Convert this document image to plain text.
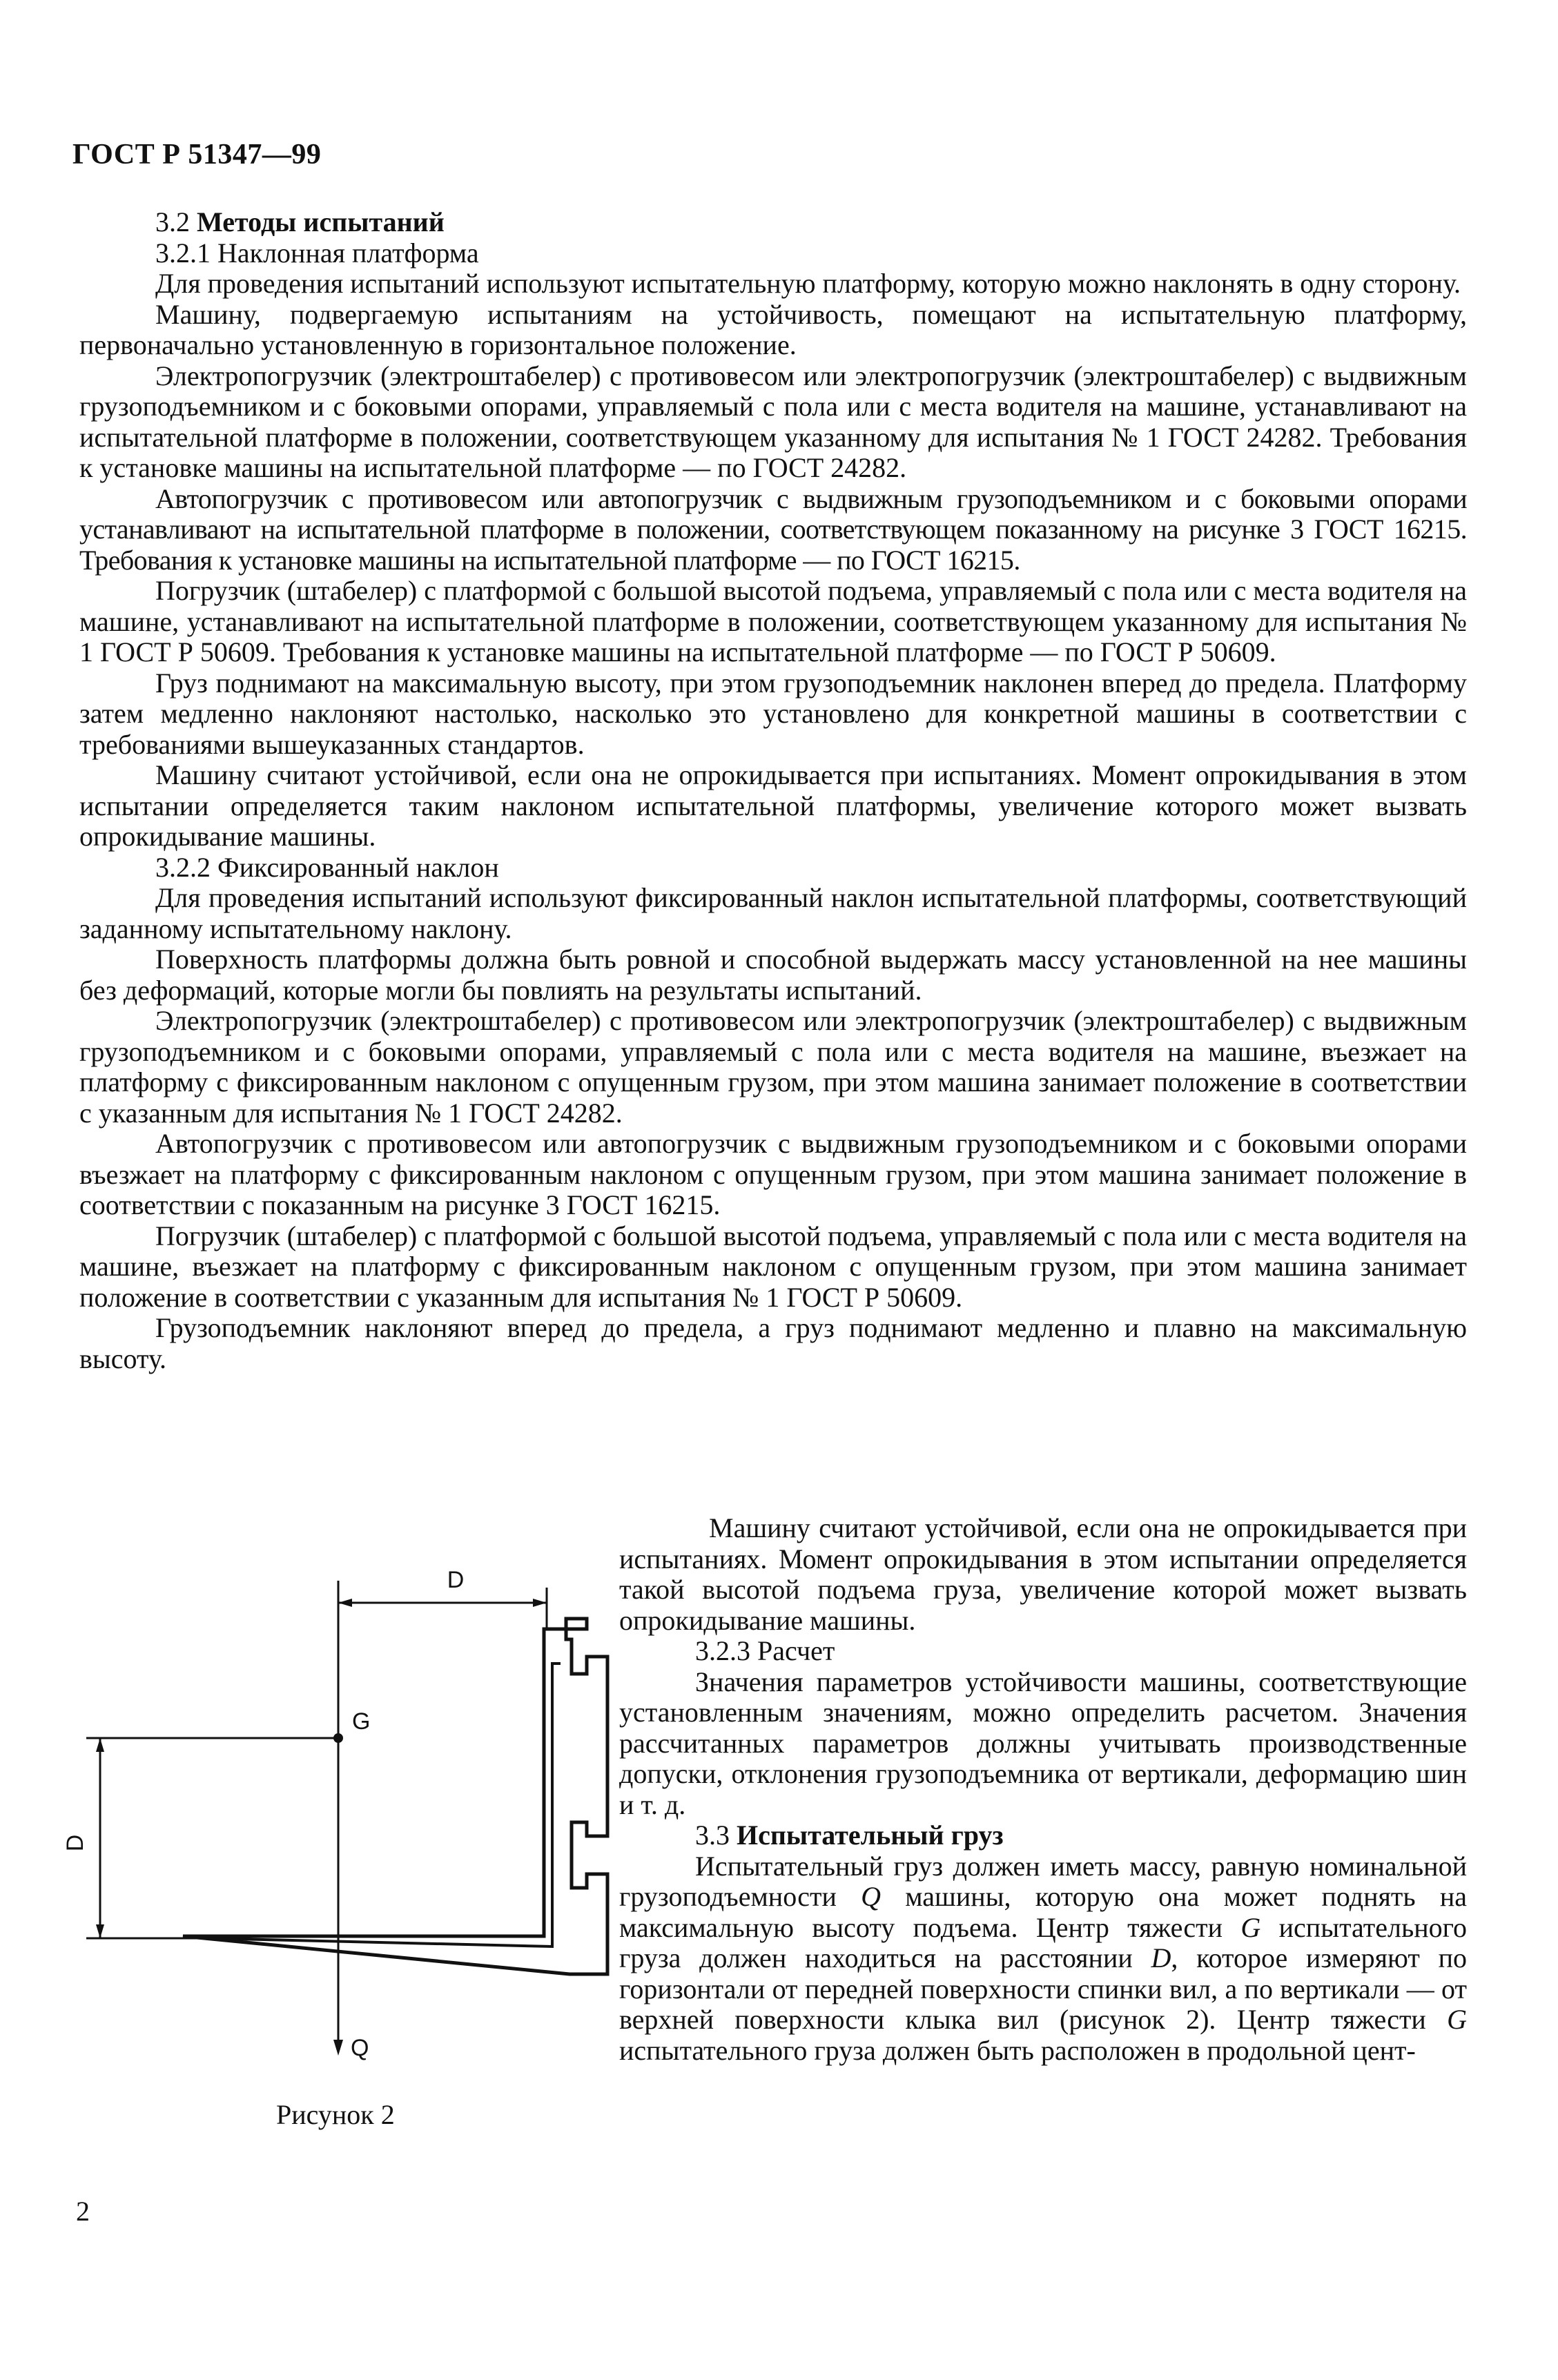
ГОСТ Р 51347—99

3.2 Методы испытаний

3.2.1 Наклонная платформа

Для проведения испытаний используют испытательную платформу, которую можно наклонять в одну сторону.

Машину, подвергаемую испытаниям на устойчивость, помещают на испытательную платформу, первоначально установленную в горизонтальное положение.

Электропогрузчик (электроштабелер) с противовесом или электропогрузчик (электроштабелер) с выдвижным грузоподъемником и с боковыми опорами, управляемый с пола или с места водителя на машине, устанавливают на испытательной платформе в положении, соответствующем указанному для испытания № 1 ГОСТ 24282. Требования к установке машины на испытательной платформе — по ГОСТ 24282.

Автопогрузчик с противовесом или автопогрузчик с выдвижным грузоподъемником и с боковыми опорами устанавливают на испытательной платформе в положении, соответствующем показанному на рисунке 3 ГОСТ 16215. Требования к установке машины на испытательной платформе — по ГОСТ 16215.

Погрузчик (штабелер) с платформой с большой высотой подъема, управляемый с пола или с места водителя на машине, устанавливают на испытательной платформе в положении, соответствующем указанному для испытания № 1 ГОСТ Р 50609. Требования к установке машины на испытательной платформе — по ГОСТ Р 50609.

Груз поднимают на максимальную высоту, при этом грузоподъемник наклонен вперед до предела. Платформу затем медленно наклоняют настолько, насколько это установлено для конкретной машины в соответствии с требованиями вышеуказанных стандартов.

Машину считают устойчивой, если она не опрокидывается при испытаниях. Момент опрокидывания в этом испытании определяется таким наклоном испытательной платформы, увеличение которого может вызвать опрокидывание машины.

3.2.2 Фиксированный наклон

Для проведения испытаний используют фиксированный наклон испытательной платформы, соответствующий заданному испытательному наклону.

Поверхность платформы должна быть ровной и способной выдержать массу установленной на нее машины без деформаций, которые могли бы повлиять на результаты испытаний.

Электропогрузчик (электроштабелер) с противовесом или электропогрузчик (электроштабелер) с выдвижным грузоподъемником и с боковыми опорами, управляемый с пола или с места водителя на машине, въезжает на платформу с фиксированным наклоном с опущенным грузом, при этом машина занимает положение в соответствии с указанным для испытания № 1 ГОСТ 24282.

Автопогрузчик с противовесом или автопогрузчик с выдвижным грузоподъемником и с боковыми опорами въезжает на платформу с фиксированным наклоном с опущенным грузом, при этом машина занимает положение в соответствии с показанным на рисунке 3 ГОСТ 16215.

Погрузчик (штабелер) с платформой с большой высотой подъема, управляемый с пола или с места водителя на машине, въезжает на платформу с фиксированным наклоном с опущенным грузом, при этом машина занимает положение в соответствии с указанным для испытания № 1 ГОСТ Р 50609.

Грузоподъемник наклоняют вперед до предела, а груз поднимают медленно и плавно на максимальную высоту.

Машину считают устойчивой, если она не опрокидывается при испытаниях. Момент опрокидывания в этом испытании определяется такой высотой подъема груза, увеличение которой может вызвать опрокидывание машины.

3.2.3 Расчет

Значения параметров устойчивости машины, соответствующие установленным значениям, можно определить расчетом. Значения рассчитанных параметров должны учитывать производственные допуски, отклонения грузоподъемника от вертикали, деформацию шин и т. д.

3.3 Испытательный груз

Испытательный груз должен иметь массу, равную номинальной грузоподъемности Q машины, которую она может поднять на максимальную высоту подъема. Центр тяжести G испытательного груза должен находиться на расстоянии D, которое измеряют по горизонтали от передней поверхности спинки вил, а по вертикали — от верхней поверхности клыка вил (рисунок 2). Центр тяжести G испытательного груза должен быть расположен в продольной цент-

D
G
D
Q
Рисунок 2
2
